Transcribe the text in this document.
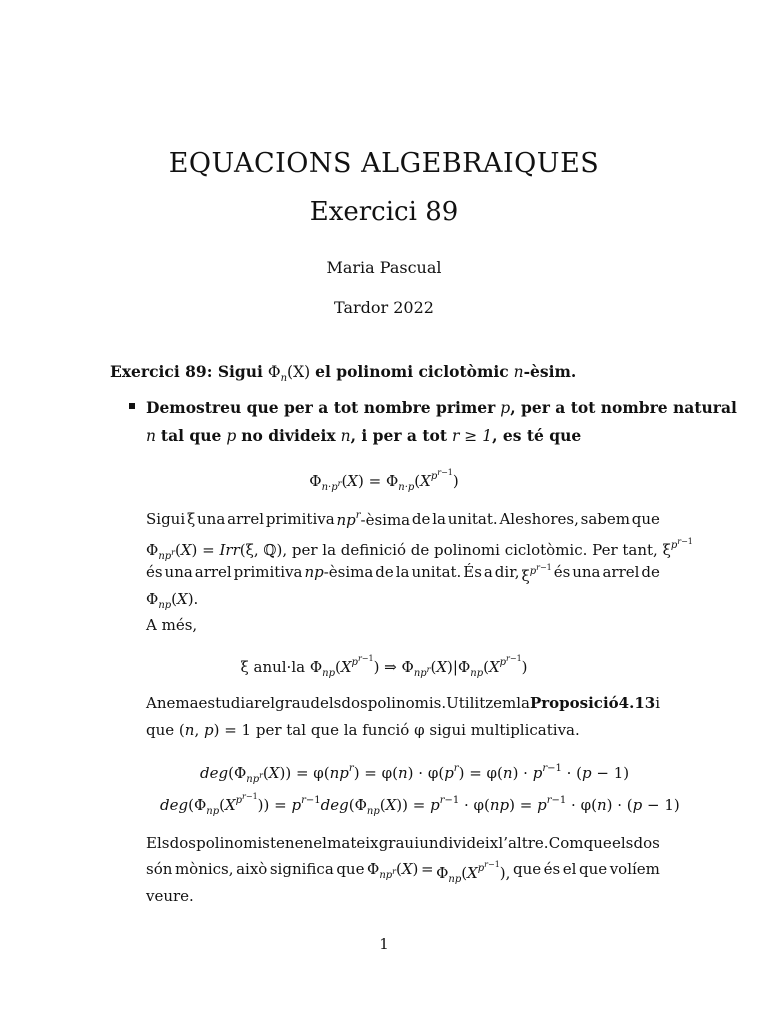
EQUACIONS ALGEBRAIQUES
Exercici 89
Maria Pascual
Tardor 2022
Exercici 89: Sigui $\Phi_n(X)$ el polinomi ciclotòmic n-èsim.
Demostreu que per a tot nombre primer p, per a tot nombre natural
n tal que p no divideix n, i per a tot r ≥ 1, es té que
$\Phi_{n\cdot p^r}(X) = \Phi_{n\cdot p}(X^{p^{r-1}})$
Sigui ξ una arrel primitiva $np^r$-èsima de la unitat. Aleshores, sabem que
$\Phi_{np^r}(X) = Irr(\xi$, ℚ), per la definició de polinomi ciclotòmic. Per tant, $\xi^{p^{r-1}}$
és una arrel primitiva np-èsima de la unitat. És a dir, $\xi^{p^{r-1}}$ és una arrel de
$\Phi_{np}(X)$.
A més,
ξ anul·la $\Phi_{np}(X^{p^{r-1}})$ ⇒ $\Phi_{np^r}(X)|\Phi_{np}(X^{p^{r-1}})$
Anem a estudiar el grau dels dos polinomis. Utilitzem la Proposició 4.13 i
que (n, p) = 1 per tal que la funció φ sigui multiplicativa.
$deg(\Phi_{np^r}(X)) = \varphi(np^r) = \varphi(n) \cdot \varphi(p^r) = \varphi(n) \cdot p^{r-1} \cdot (p - 1)$
$deg(\Phi_{np}(X^{p^{r-1}})) = p^{r-1}deg(\Phi_{np}(X)) = p^{r-1} \cdot \varphi(np) = p^{r-1} \cdot \varphi(n) \cdot (p - 1)$
Els dos polinomis tenen el mateix grau i un divideix l’altre. Com que els dos
són mònics, això significa que $\Phi_{np^r}(X) = \Phi_{np}(X^{p^{r-1}})$, que és el que volíem
veure.
1
